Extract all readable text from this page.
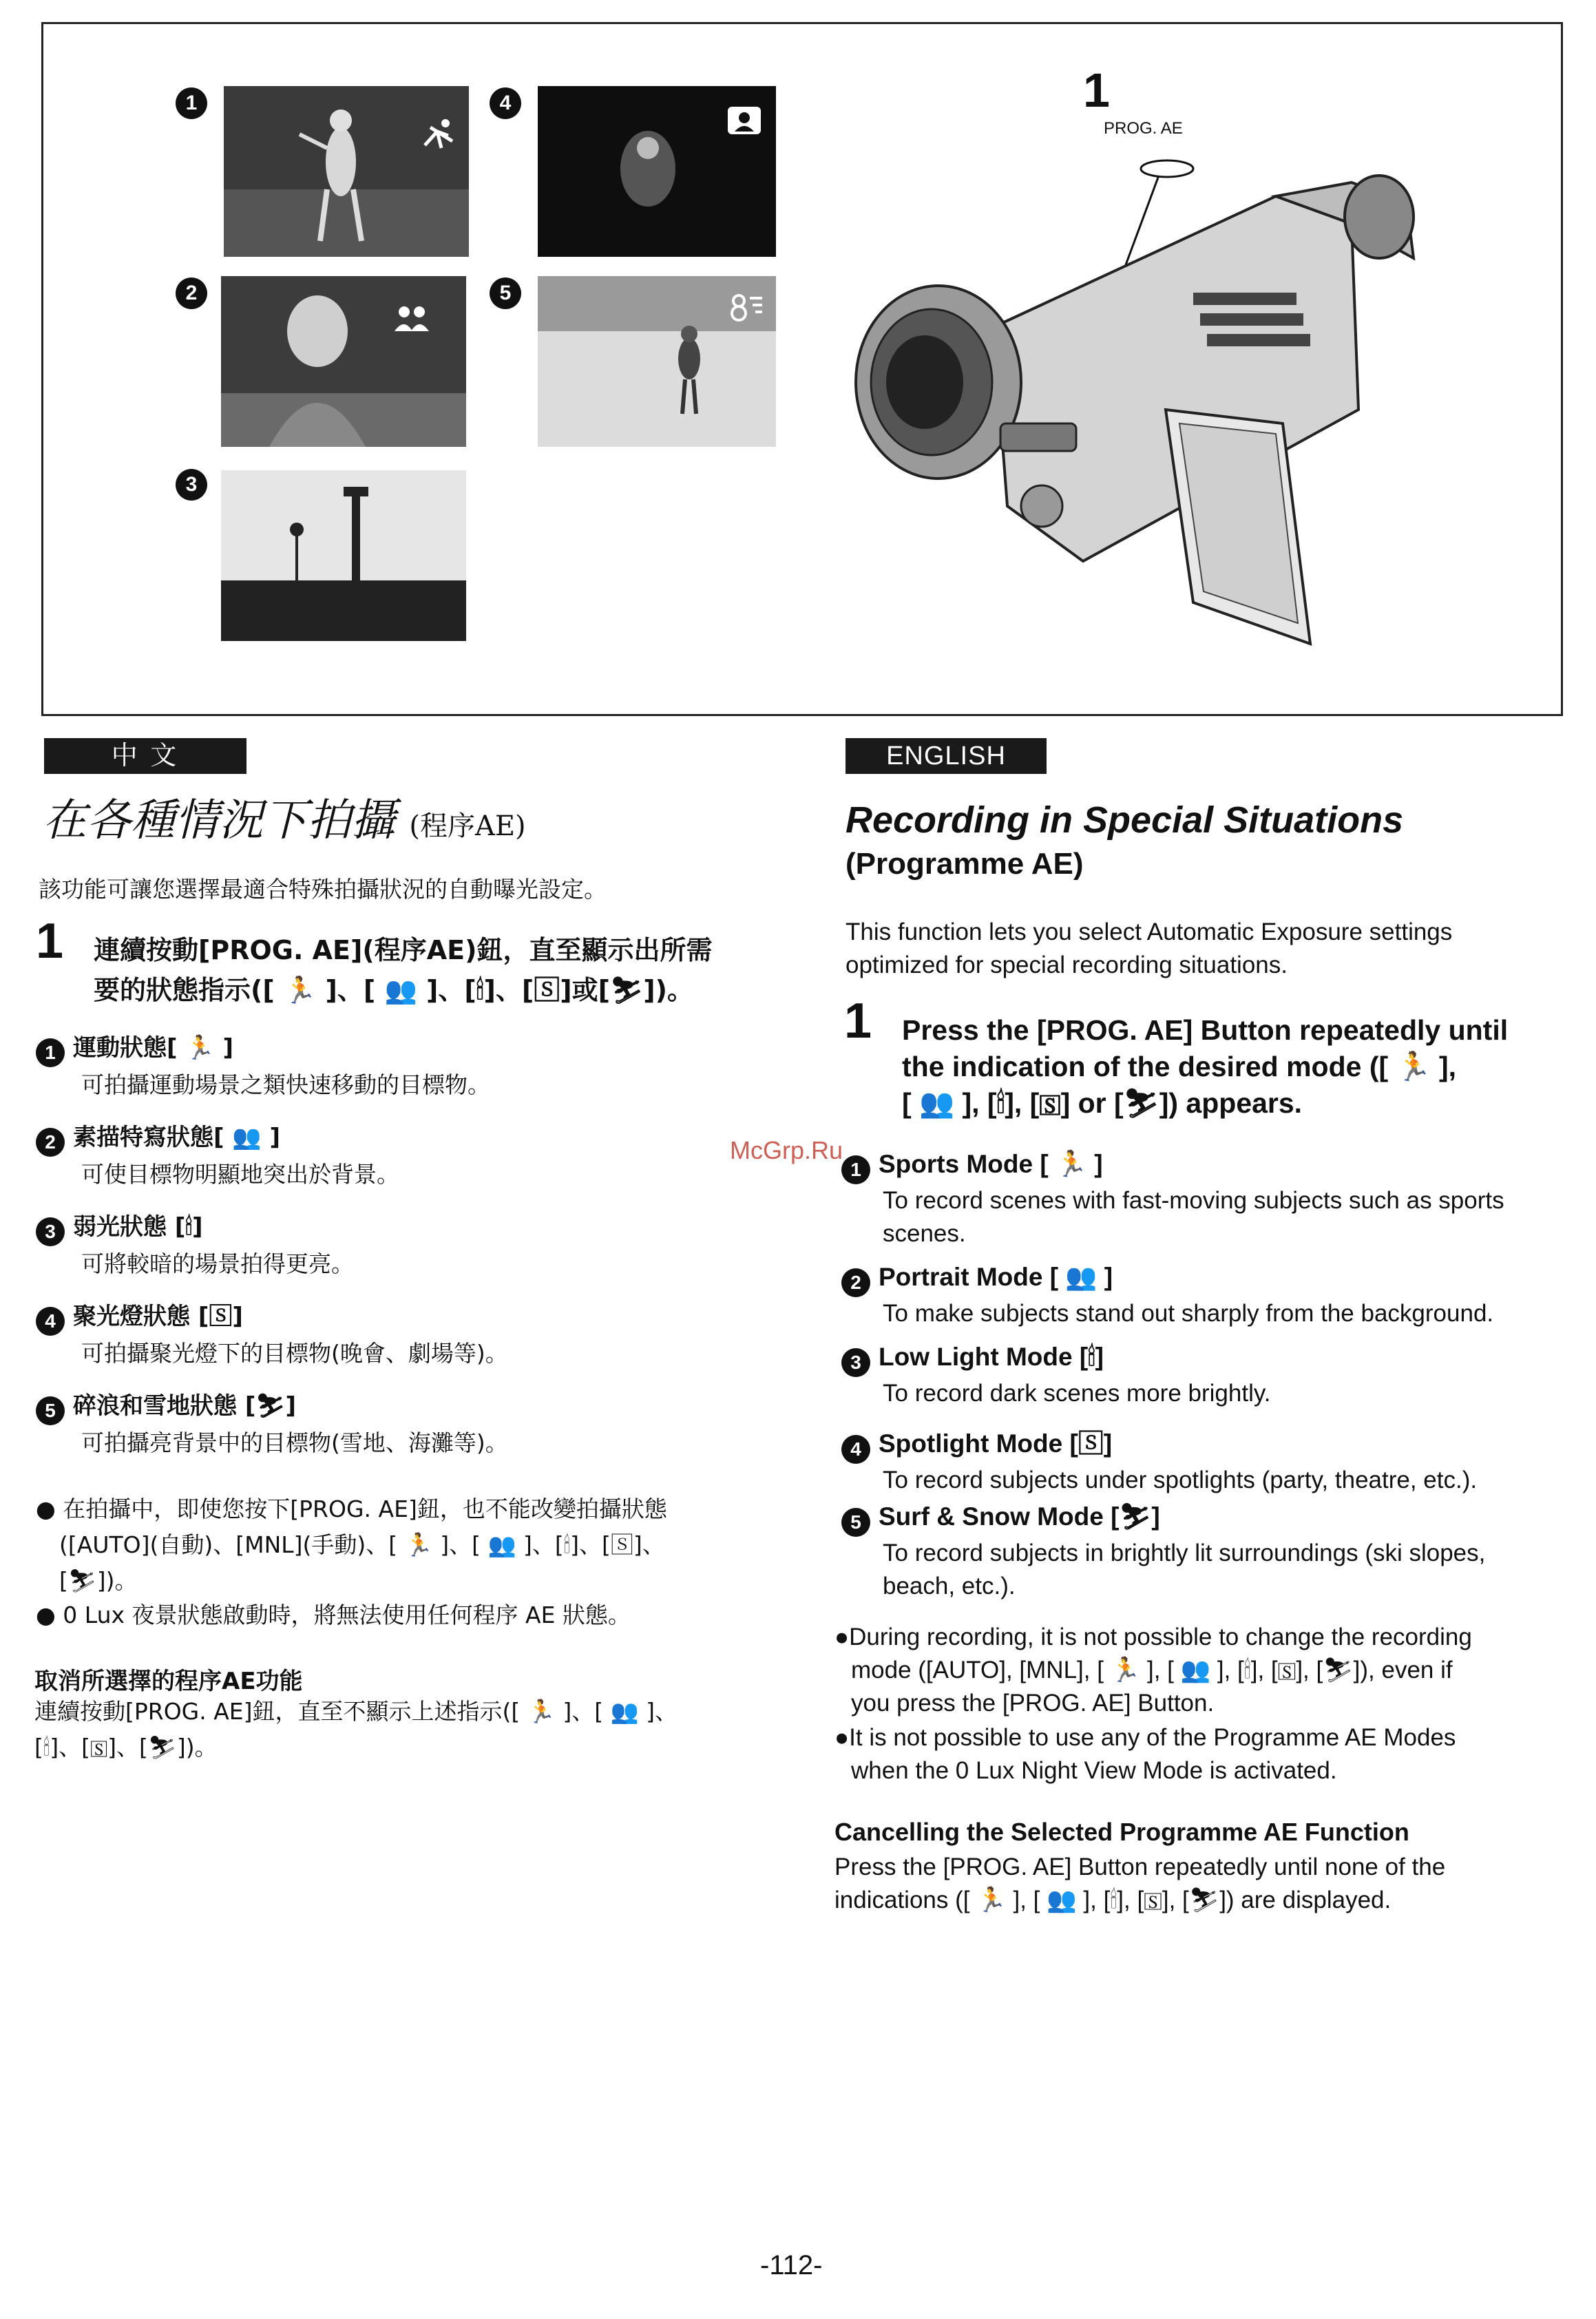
1	4
2	5
3
1
PROG. AE
中 文
在各種情況下拍攝 (程序AE)
該功能可讓您選擇最適合特殊拍攝狀況的自動曝光設定。
1 連續按動[PROG. AE](程序AE)鈕，直至顯示出所需
要的狀態指示([ 🏃 ]、[ 👥 ]、[🕯]、[🅂]或[⛷])。
1 運動狀態[ 🏃 ]
可拍攝運動場景之類快速移動的目標物。
2 素描特寫狀態[ 👥 ]
可使目標物明顯地突出於背景。
3 弱光狀態 [🕯]
可將較暗的場景拍得更亮。
4 聚光燈狀態 [🅂]
可拍攝聚光燈下的目標物(晚會、劇場等)。
5 碎浪和雪地狀態 [⛷]
可拍攝亮背景中的目標物(雪地、海灘等)。

● 在拍攝中，即使您按下[PROG. AE]鈕，也不能改變拍攝狀態

([AUTO](自動)、[MNL](手動)、[ 🏃 ]、[ 👥 ]、[🕯]、[🅂]、

[⛷])。

● 0 Lux 夜景狀態啟動時，將無法使用任何程序 AE 狀態。
取消所選擇的程序AE功能

連續按動[PROG. AE]鈕，直至不顯示上述指示([ 🏃 ]、[ 👥 ]、

[🕯]、[🅂]、[⛷])。

ENGLISH
Recording in Special Situations
(Programme AE)

This function lets you select Automatic Exposure settings

optimized for special recording situations.

1 Press the [PROG. AE] Button repeatedly until

the indication of the desired mode ([ 🏃 ],

[ 👥 ], [🕯], [🅂] or [⛷]) appears.

1 Sports Mode [ 🏃 ]
To record scenes with fast-moving subjects such as sports
scenes.
2 Portrait Mode [ 👥 ]
To make subjects stand out sharply from the background.
3 Low Light Mode [🕯]
To record dark scenes more brightly.
4 Spotlight Mode [🅂]
To record subjects under spotlights (party, theatre, etc.).
5 Surf & Snow Mode [⛷]
To record subjects in brightly lit surroundings (ski slopes,
beach, etc.).

●During recording, it is not possible to change the recording

mode ([AUTO], [MNL], [ 🏃 ], [ 👥 ], [🕯], [🅂], [⛷]), even if

you press the [PROG. AE] Button.

●It is not possible to use any of the Programme AE Modes

when the 0 Lux Night View Mode is activated.

Cancelling the Selected Programme AE Function

Press the [PROG. AE] Button repeatedly until none of the

indications ([ 🏃 ], [ 👥 ], [🕯], [🅂], [⛷]) are displayed.

McGrp.Ru
-112-
